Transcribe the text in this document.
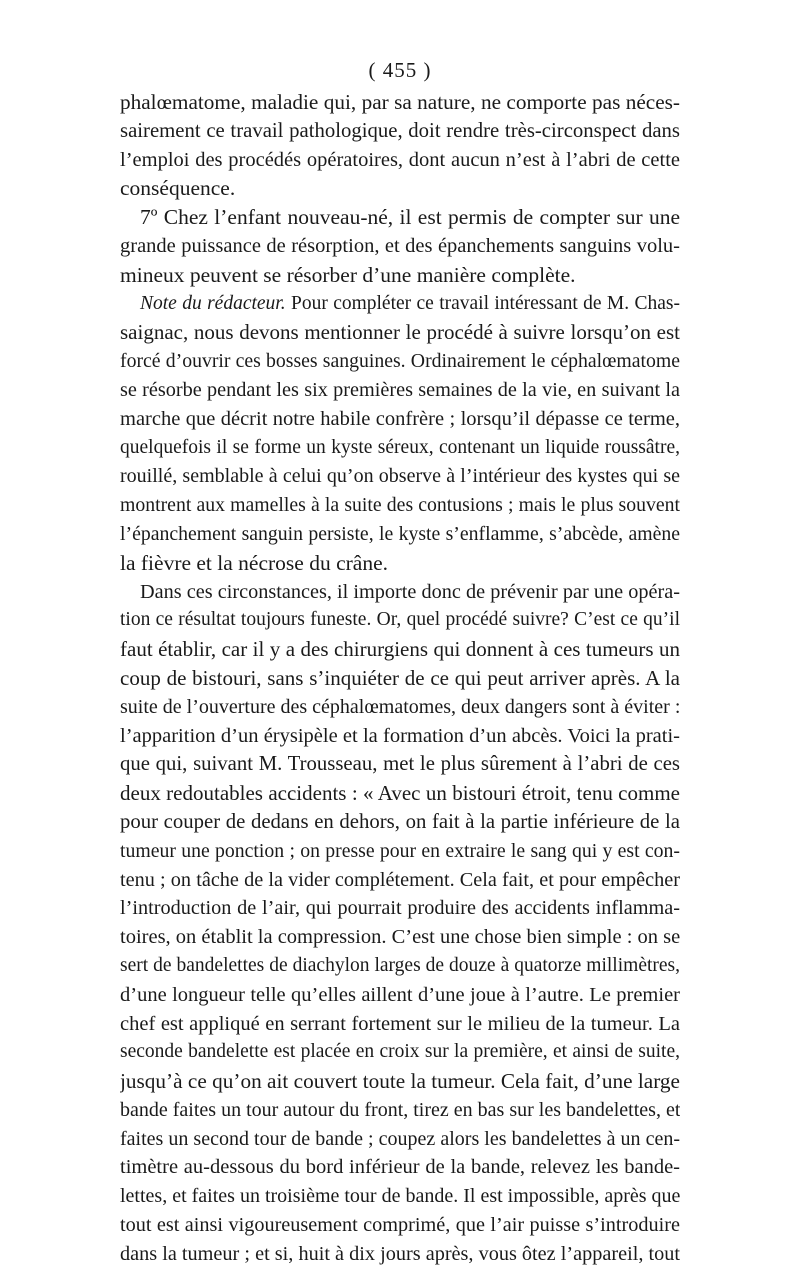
( 455 )
phalœmatome, maladie qui, par sa nature, ne comporte pas néces-
sairement ce travail pathologique, doit rendre très-circonspect dans
l’emploi des procédés opératoires, dont aucun n’est à l’abri de cette
conséquence.
7º Chez l’enfant nouveau-né, il est permis de compter sur une
grande puissance de résorption, et des épanchements sanguins volu-
mineux peuvent se résorber d’une manière complète.
Note du rédacteur. Pour compléter ce travail intéressant de M. Chas-
saignac, nous devons mentionner le procédé à suivre lorsqu’on est
forcé d’ouvrir ces bosses sanguines. Ordinairement le céphalœmatome
se résorbe pendant les six premières semaines de la vie, en suivant la
marche que décrit notre habile confrère ; lorsqu’il dépasse ce terme,
quelquefois il se forme un kyste séreux, contenant un liquide roussâtre,
rouillé, semblable à celui qu’on observe à l’intérieur des kystes qui se
montrent aux mamelles à la suite des contusions ; mais le plus souvent
l’épanchement sanguin persiste, le kyste s’enflamme, s’abcède, amène
la fièvre et la nécrose du crâne.
Dans ces circonstances, il importe donc de prévenir par une opéra-
tion ce résultat toujours funeste. Or, quel procédé suivre? C’est ce qu’il
faut établir, car il y a des chirurgiens qui donnent à ces tumeurs un
coup de bistouri, sans s’inquiéter de ce qui peut arriver après. A la
suite de l’ouverture des céphalœmatomes, deux dangers sont à éviter :
l’apparition d’un érysipèle et la formation d’un abcès. Voici la prati-
que qui, suivant M. Trousseau, met le plus sûrement à l’abri de ces
deux redoutables accidents : « Avec un bistouri étroit, tenu comme
pour couper de dedans en dehors, on fait à la partie inférieure de la
tumeur une ponction ; on presse pour en extraire le sang qui y est con-
tenu ; on tâche de la vider complétement. Cela fait, et pour empêcher
l’introduction de l’air, qui pourrait produire des accidents inflamma-
toires, on établit la compression. C’est une chose bien simple : on se
sert de bandelettes de diachylon larges de douze à quatorze millimètres,
d’une longueur telle qu’elles aillent d’une joue à l’autre. Le premier
chef est appliqué en serrant fortement sur le milieu de la tumeur. La
seconde bandelette est placée en croix sur la première, et ainsi de suite,
jusqu’à ce qu’on ait couvert toute la tumeur. Cela fait, d’une large
bande faites un tour autour du front, tirez en bas sur les bandelettes, et
faites un second tour de bande ; coupez alors les bandelettes à un cen-
timètre au-dessous du bord inférieur de la bande, relevez les bande-
lettes, et faites un troisième tour de bande. Il est impossible, après que
tout est ainsi vigoureusement comprimé, que l’air puisse s’introduire
dans la tumeur ; et si, huit à dix jours après, vous ôtez l’appareil, tout
